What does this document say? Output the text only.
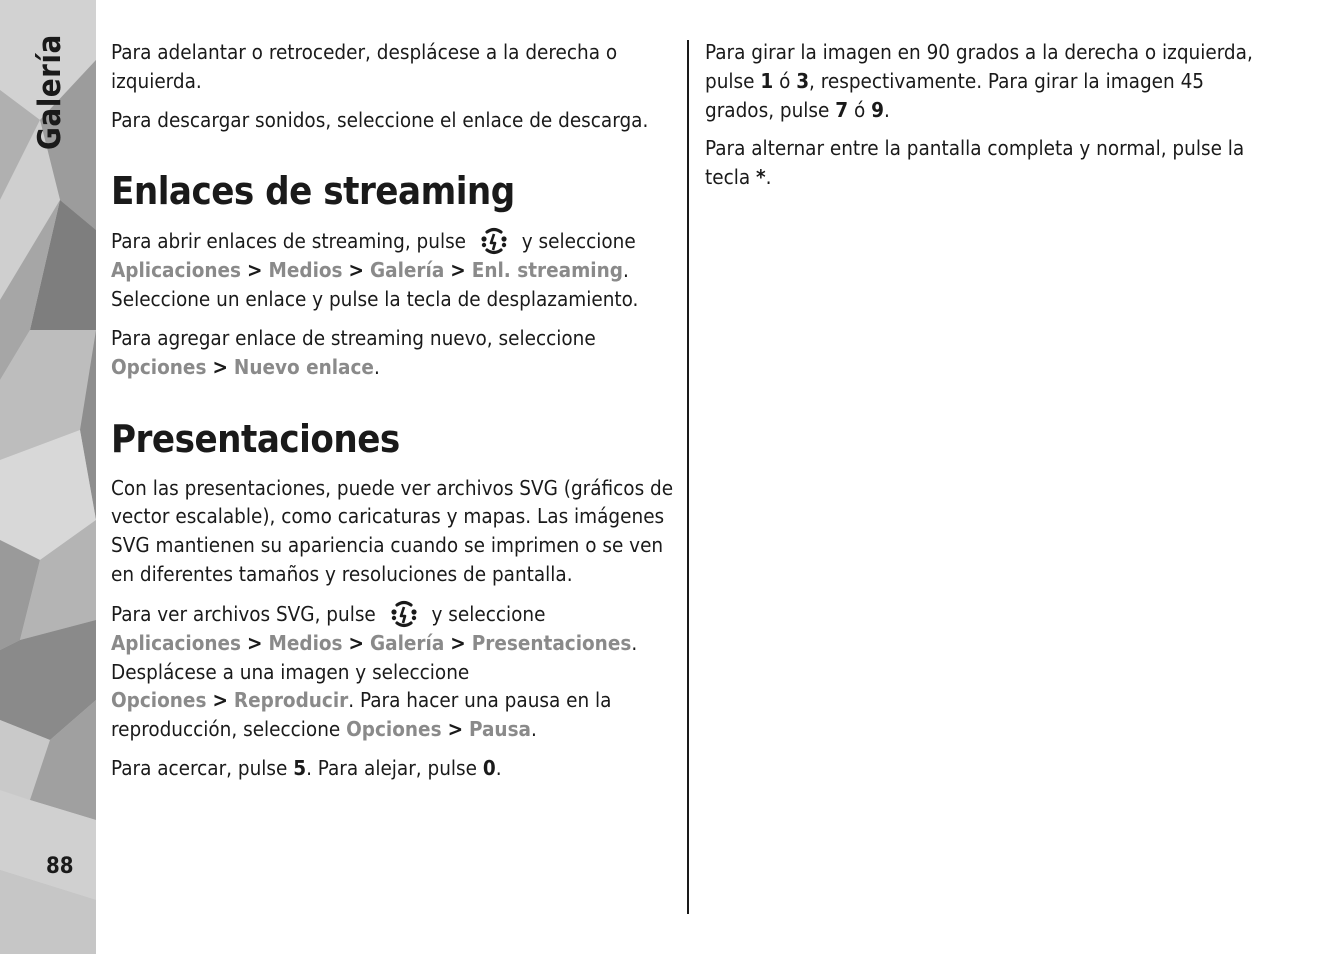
Galería
88

Para adelantar o retroceder, desplácese a la derecha o izquierda.

Para descargar sonidos, seleccione el enlace de descarga.

Enlaces de streaming

Para abrir enlaces de streaming, pulse	y seleccione Aplicaciones > Medios > Galería > Enl. streaming. Seleccione un enlace y pulse la tecla de desplazamiento.

Para agregar enlace de streaming nuevo, seleccione Opciones > Nuevo enlace.

Presentaciones

Con las presentaciones, puede ver archivos SVG (gráficos de vector escalable), como caricaturas y mapas. Las imágenes SVG mantienen su apariencia cuando se imprimen o se ven en diferentes tamaños y resoluciones de pantalla.

Para ver archivos SVG, pulse	y seleccione Aplicaciones > Medios > Galería > Presentaciones. Desplácese a una imagen y seleccione Opciones > Reproducir. Para hacer una pausa en la reproducción, seleccione Opciones > Pausa.

Para acercar, pulse 5. Para alejar, pulse 0.

Para girar la imagen en 90 grados a la derecha o izquierda, pulse 1 ó 3, respectivamente. Para girar la imagen 45 grados, pulse 7 ó 9.

Para alternar entre la pantalla completa y normal, pulse la tecla *.
